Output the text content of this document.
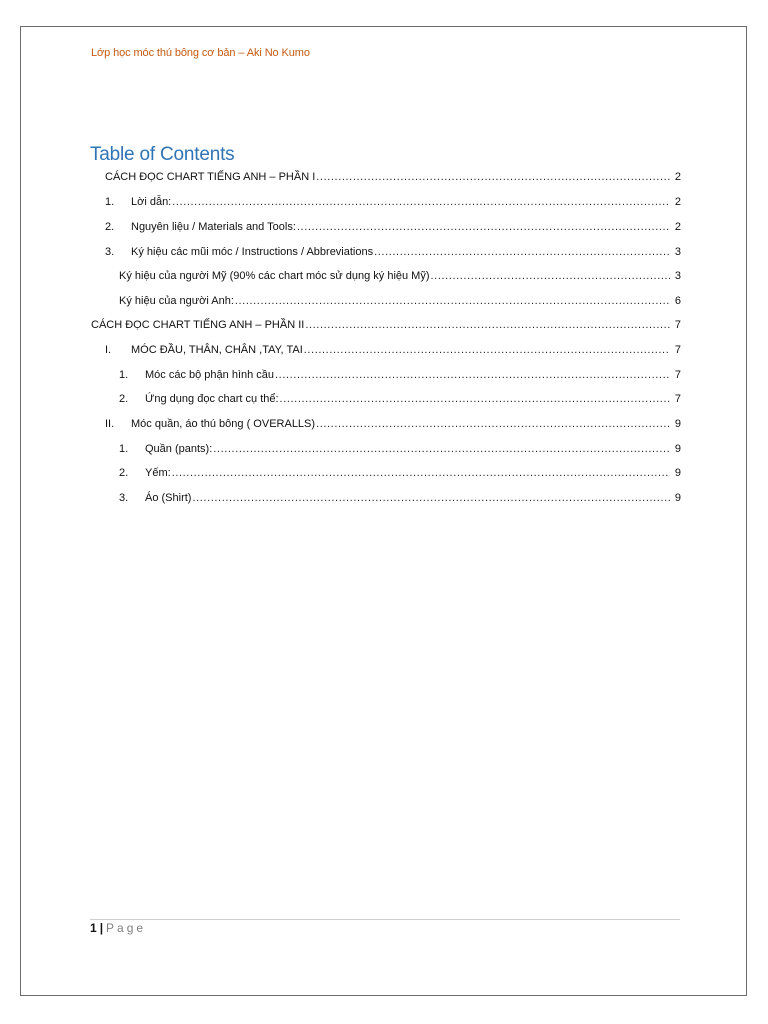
Lớp học móc thú bông cơ bản – Aki No Kumo
Table of Contents
CÁCH ĐỌC CHART TIẾNG ANH – PHẦN I .....	2
1.	Lời dẫn: .....	2
2.	Nguyên liệu / Materials and Tools: .....	2
3.	Ký hiệu các mũi móc / Instructions / Abbreviations .....	3
Ký hiệu của người Mỹ (90% các chart móc sử dụng ký hiệu Mỹ) .....	3
Ký hiệu của người Anh: .....	6
CÁCH ĐỌC CHART TIẾNG ANH – PHẦN II .....	7
I.	MÓC ĐẦU, THÂN, CHÂN ,TAY, TAI .....	7
1.	Móc các bộ phận hình cầu .....	7
2.	Ứng dụng đọc chart cụ thể: .....	7
II.	Móc quần, áo thú bông ( OVERALLS) .....	9
1.	Quần (pants): .....	9
2.	Yếm: .....	9
3.	Áo (Shirt) .....	9
1 | Page
